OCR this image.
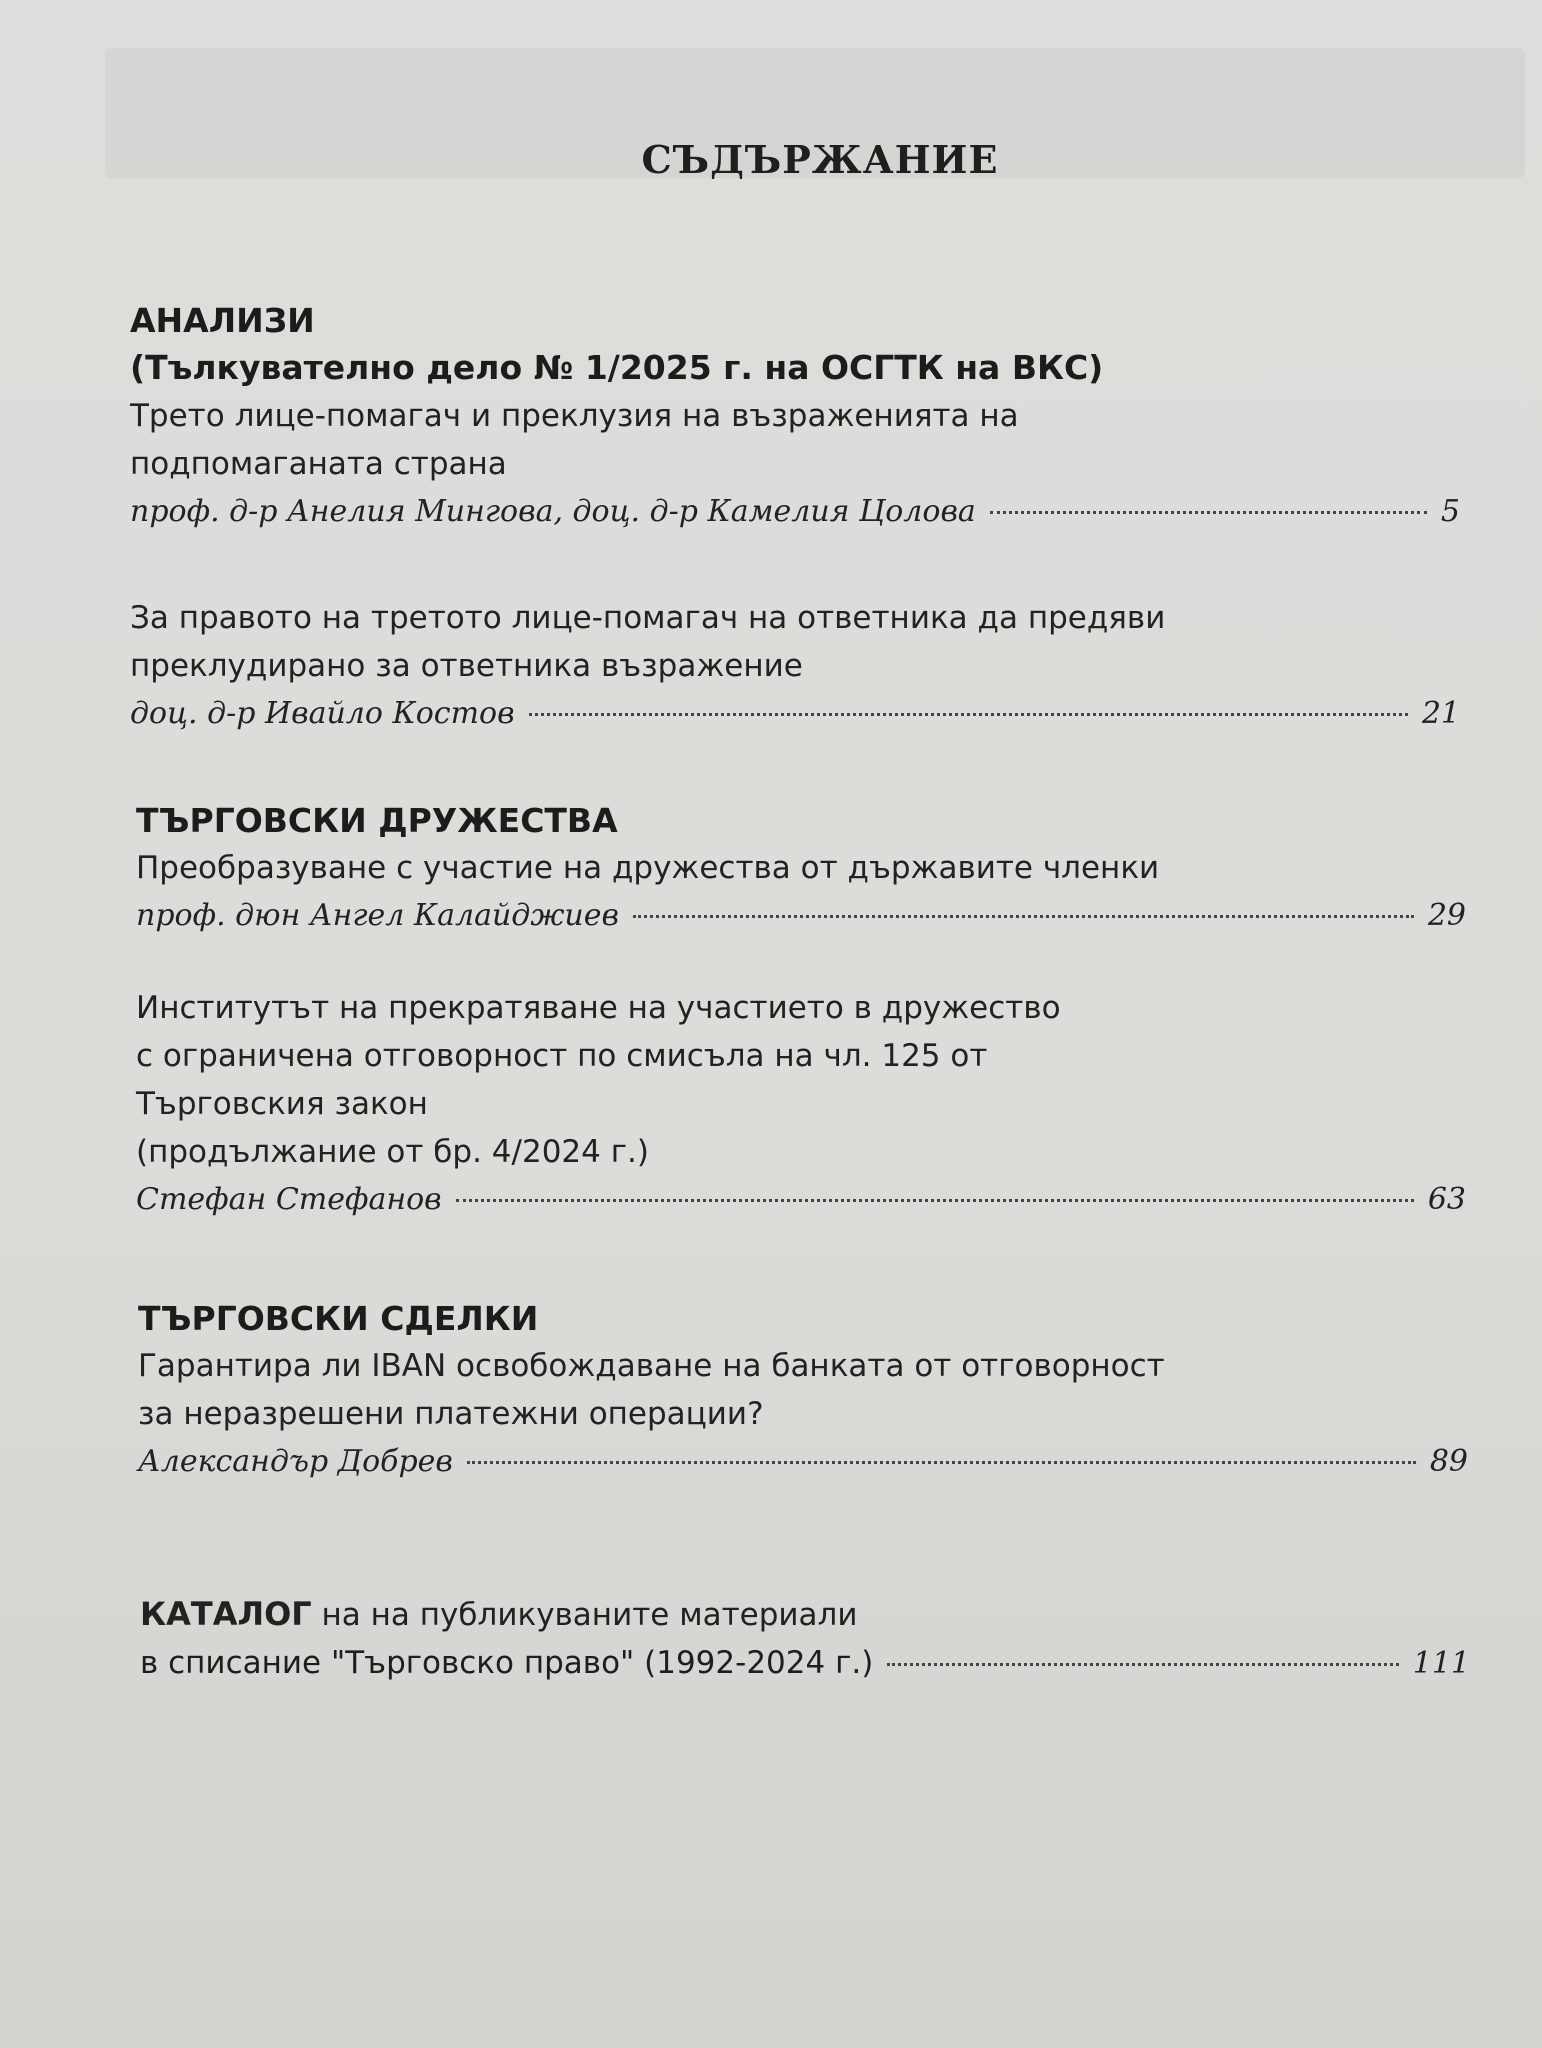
СЪДЪРЖАНИЕ

АНАЛИЗИ

(Тълкувателно дело № 1/2025 г. на ОСГТК на ВКС)

Трето лице-помагач и преклузия на възраженията на

подпомаганата страна

проф. д-р Анелия Мингова, доц. д-р Камелия Цолова	5

За правото на третото лице-помагач на ответника да предяви

преклудирано за ответника възражение

доц. д-р Ивайло Костов	21

ТЪРГОВСКИ ДРУЖЕСТВА

Преобразуване с участие на дружества от държавите членки

проф. дюн Ангел Калайджиев	29

Институтът на прекратяване на участието в дружество

с ограничена отговорност по смисъла на чл. 125 от

Търговския закон

(продължание от бр. 4/2024 г.)

Стефан Стефанов	63

ТЪРГОВСКИ СДЕЛКИ

Гарантира ли IBAN освобождаване на банката от отговорност

за неразрешени платежни операции?

Александър Добрев	89

КАТАЛОГ на на публикуваните материали

в списание "Търговско право" (1992-2024 г.)	111
